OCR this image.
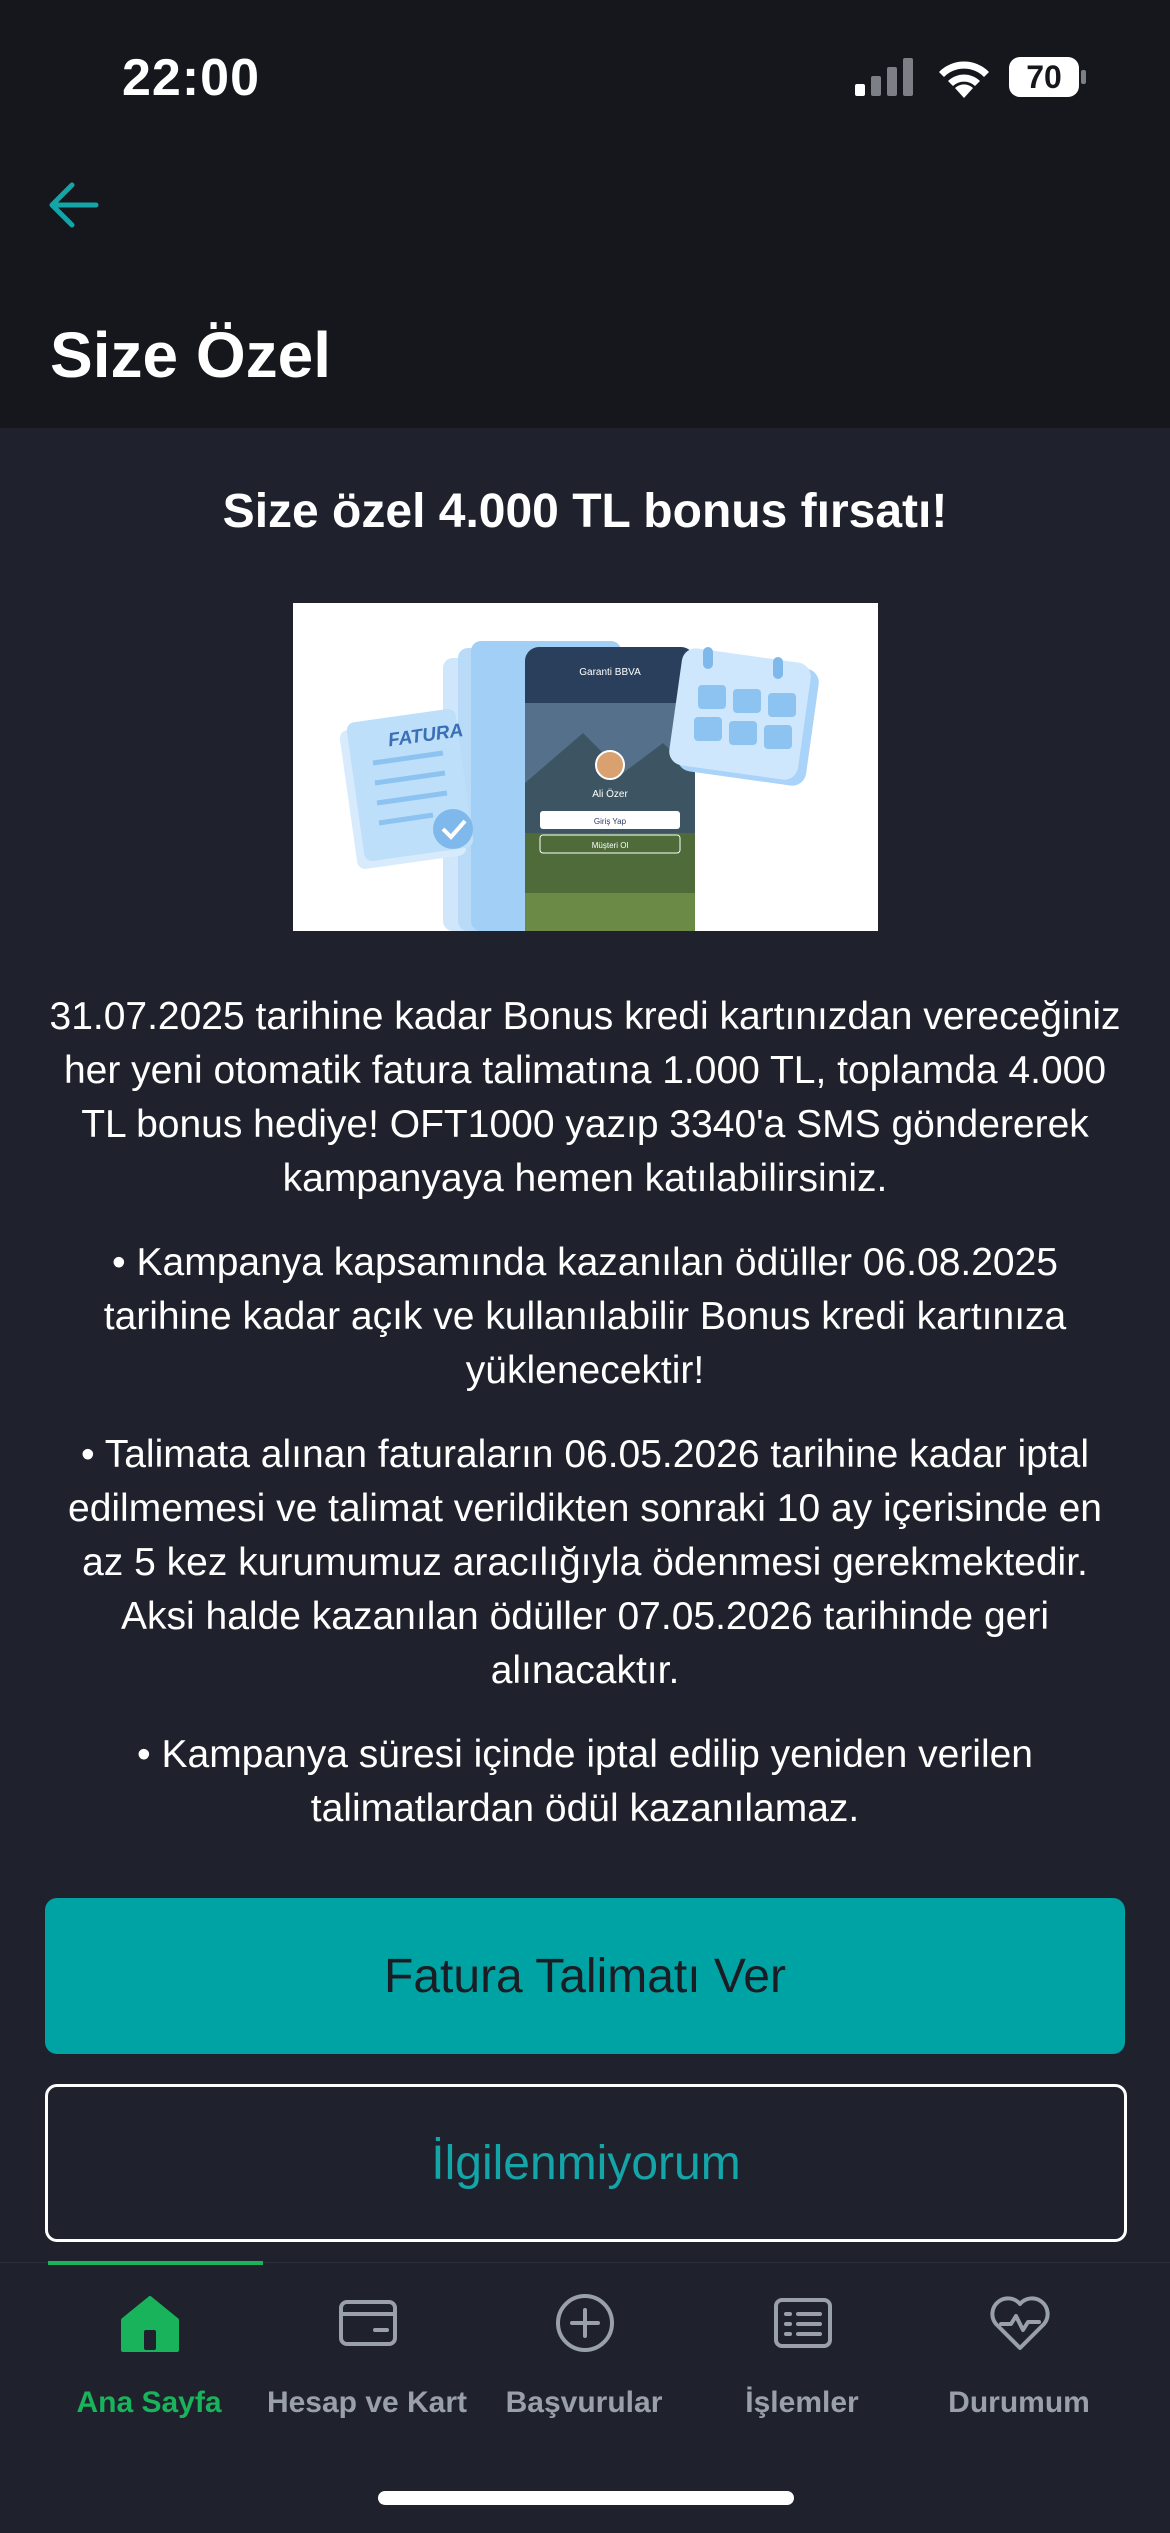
22:00	70
Size Özel
Size özel 4.000 TL bonus fırsatı!
FATURA
Garanti BBVA
Ali Özer
Giriş Yap
Müşteri Ol

31.07.2025 tarihine kadar Bonus kredi kartınızdan vereceğiniz her yeni otomatik fatura talimatına 1.000 TL, toplamda 4.000 TL bonus hediye! OFT1000 yazıp 3340'a SMS göndererek kampanyaya hemen katılabilirsiniz.

• Kampanya kapsamında kazanılan ödüller 06.08.2025 tarihine kadar açık ve kullanılabilir Bonus kredi kartınıza yüklenecektir!

• Talimata alınan faturaların 06.05.2026 tarihine kadar iptal edilmemesi ve talimat verildikten sonraki 10 ay içerisinde en az 5 kez kurumumuz aracılığıyla ödenmesi gerekmektedir. Aksi halde kazanılan ödüller 07.05.2026 tarihinde geri alınacaktır.

• Kampanya süresi içinde iptal edilip yeniden verilen talimatlardan ödül kazanılamaz.

Fatura Talimatı Ver
İlgilenmiyorum
Ana Sayfa	Hesap ve Kart	Başvurular	İşlemler	Durumum
